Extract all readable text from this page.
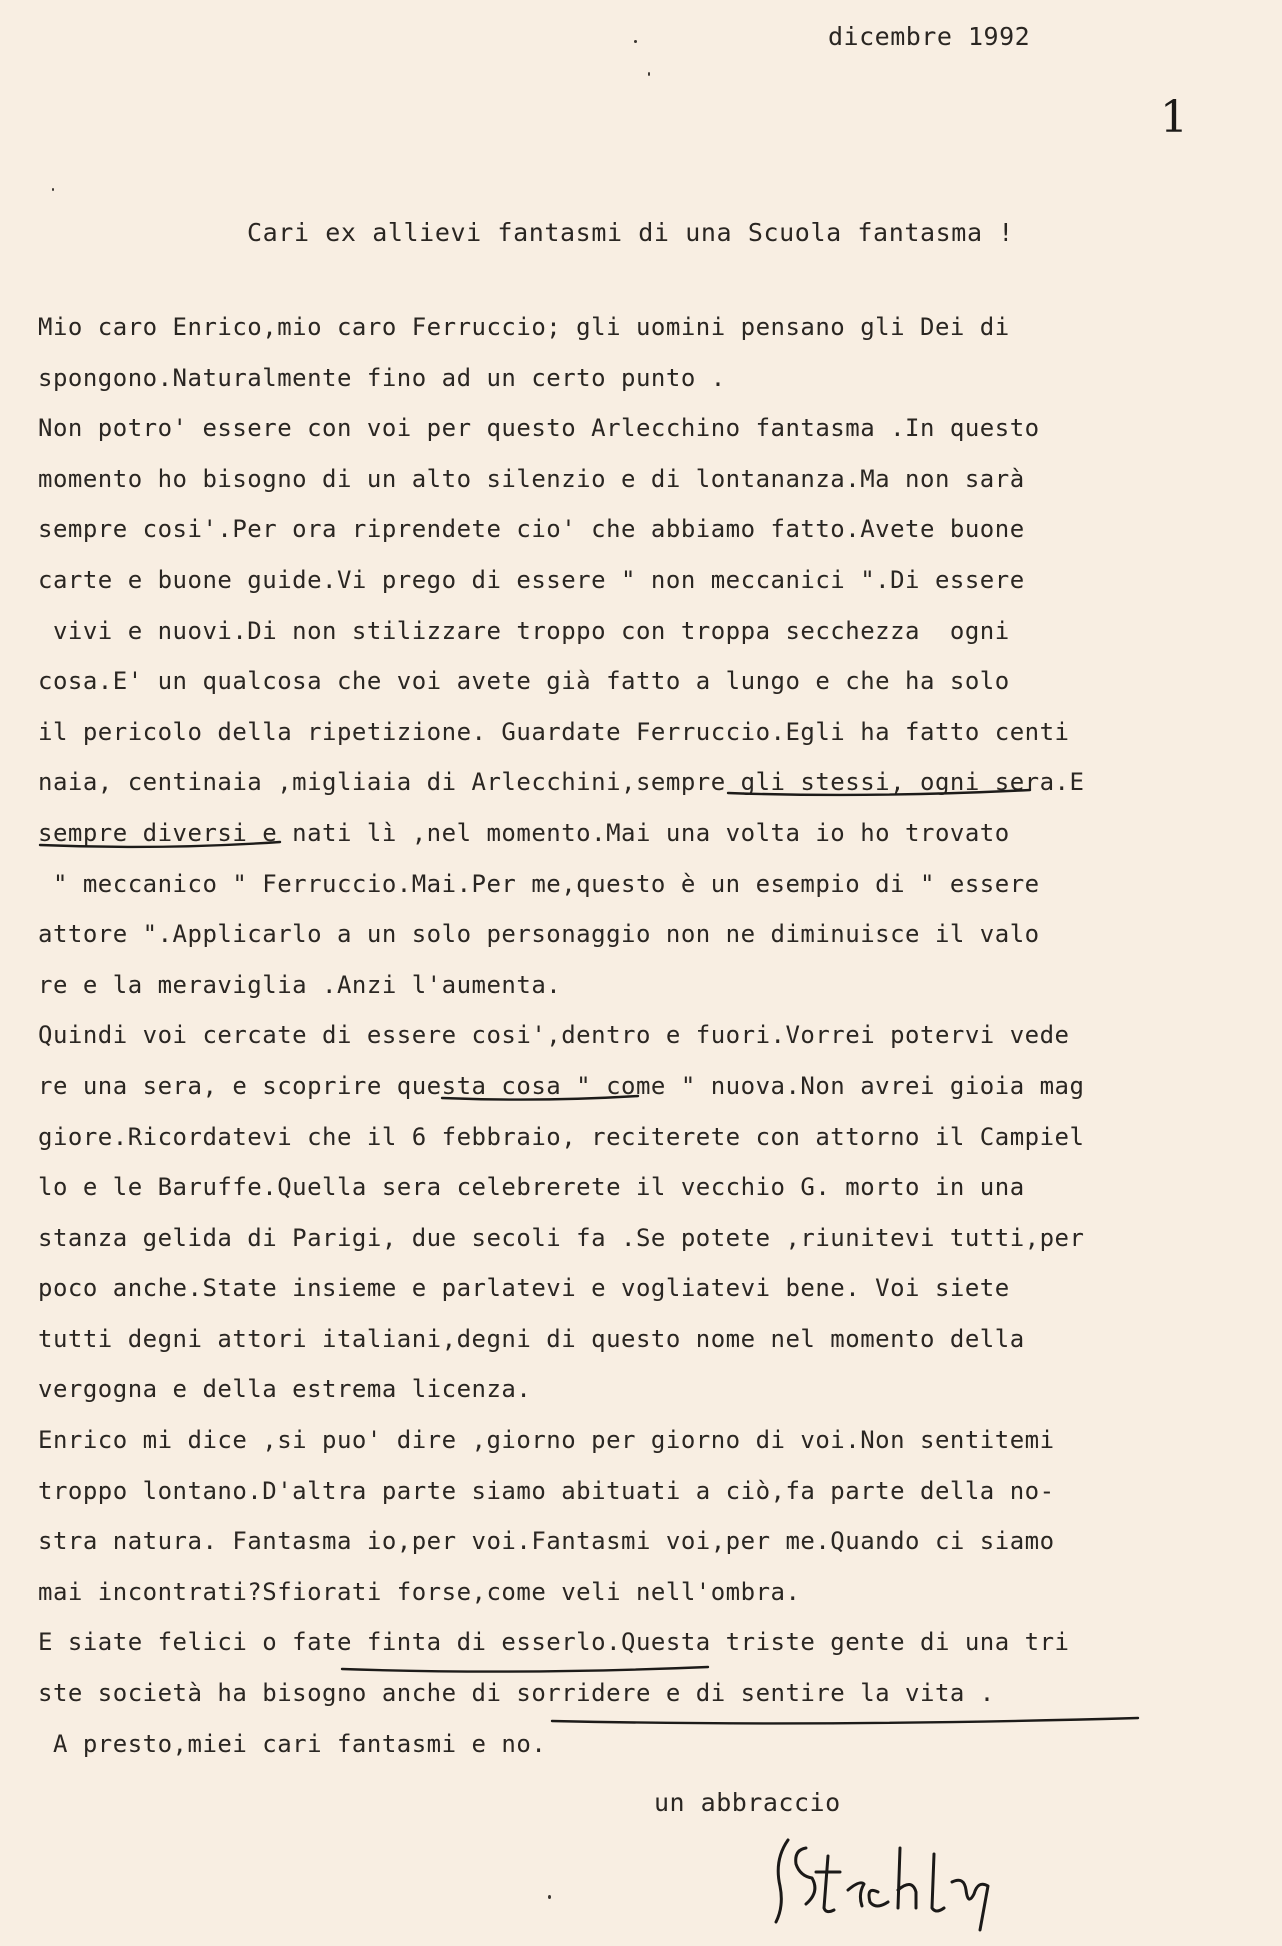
dicembre 1992
1
Cari ex allievi fantasmi di una Scuola fantasma !
Mio caro Enrico,mio caro Ferruccio; gli uomini pensano gli Dei di
spongono.Naturalmente fino ad un certo punto .
Non potro' essere con voi per questo Arlecchino fantasma .In questo
momento ho bisogno di un alto silenzio e di lontananza.Ma non sarà
sempre cosi'.Per ora riprendete cio' che abbiamo fatto.Avete buone
carte e buone guide.Vi prego di essere " non meccanici ".Di essere
vivi e nuovi.Di non stilizzare troppo con troppa secchezza  ogni
cosa.E' un qualcosa che voi avete già fatto a lungo e che ha solo
il pericolo della ripetizione. Guardate Ferruccio.Egli ha fatto centi
naia, centinaia ,migliaia di Arlecchini,sempre gli stessi, ogni sera.E
sempre diversi e nati lì ,nel momento.Mai una volta io ho trovato
" meccanico " Ferruccio.Mai.Per me,questo è un esempio di " essere
attore ".Applicarlo a un solo personaggio non ne diminuisce il valo
re e la meraviglia .Anzi l'aumenta.
Quindi voi cercate di essere cosi',dentro e fuori.Vorrei potervi vede
re una sera, e scoprire questa cosa " come " nuova.Non avrei gioia mag
giore.Ricordatevi che il 6 febbraio, reciterete con attorno il Campiel
lo e le Baruffe.Quella sera celebrerete il vecchio G. morto in una
stanza gelida di Parigi, due secoli fa .Se potete ,riunitevi tutti,per
poco anche.State insieme e parlatevi e vogliatevi bene. Voi siete
tutti degni attori italiani,degni di questo nome nel momento della
vergogna e della estrema licenza.
Enrico mi dice ,si puo' dire ,giorno per giorno di voi.Non sentitemi
troppo lontano.D'altra parte siamo abituati a ciò,fa parte della no-
stra natura. Fantasma io,per voi.Fantasmi voi,per me.Quando ci siamo
mai incontrati?Sfiorati forse,come veli nell'ombra.
E siate felici o fate finta di esserlo.Questa triste gente di una tri
ste società ha bisogno anche di sorridere e di sentire la vita .
A presto,miei cari fantasmi e no.
un abbraccio
